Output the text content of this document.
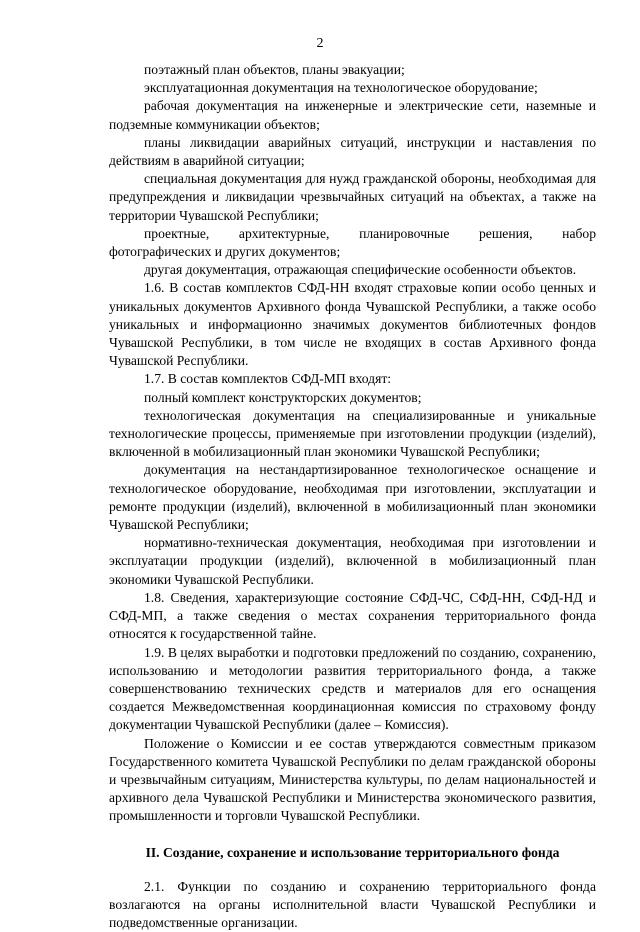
2

поэтажный план объектов, планы эвакуации;

эксплуатационная документация на технологическое оборудование;

рабочая документация на инженерные и электрические сети, наземные и подземные коммуникации объектов;

планы ликвидации аварийных ситуаций, инструкции и наставления по действиям в аварийной ситуации;

специальная документация для нужд гражданской обороны, необходимая для предупреждения и ликвидации чрезвычайных ситуаций на объектах, а также на территории Чувашской Республики;

проектные, архитектурные, планировочные решения, набор фотографических и других документов;

другая документация, отражающая специфические особенности объектов.

1.6. В состав комплектов СФД-НН входят страховые копии особо ценных и уникальных документов Архивного фонда Чувашской Республики, а также особо уникальных и информационно значимых документов библиотечных фондов Чувашской Республики, в том числе не входящих в состав Архивного фонда Чувашской Республики.

1.7. В состав комплектов СФД-МП входят:

полный комплект конструкторских документов;

технологическая документация на специализированные и уникальные технологические процессы, применяемые при изготовлении продукции (изделий), включенной в мобилизационный план экономики Чувашской Республики;

документация на нестандартизированное технологическое оснащение и технологическое оборудование, необходимая при изготовлении, эксплуатации и ремонте продукции (изделий), включенной в мобилизационный план экономики Чувашской Республики;

нормативно-техническая документация, необходимая при изготовлении и эксплуатации продукции (изделий), включенной в мобилизационный план экономики Чувашской Республики.

1.8. Сведения, характеризующие состояние СФД-ЧС, СФД-НН, СФД-НД и СФД-МП, а также сведения о местах сохранения территориального фонда относятся к государственной тайне.

1.9. В целях выработки и подготовки предложений по созданию, сохранению, использованию и методологии развития территориального фонда, а также совершенствованию технических средств и материалов для его оснащения создается Межведомственная координационная комиссия по страховому фонду документации Чувашской Республики (далее – Комиссия).

Положение о Комиссии и ее состав утверждаются совместным приказом Государственного комитета Чувашской Республики по делам гражданской обороны и чрезвычайным ситуациям, Министерства культуры, по делам национальностей и архивного дела Чувашской Республики и Министерства экономического развития, промышленности и торговли Чувашской Республики.

II. Создание, сохранение и использование территориального фонда

2.1. Функции по созданию и сохранению территориального фонда возлагаются на органы исполнительной власти Чувашской Республики и подведомственные организации.
